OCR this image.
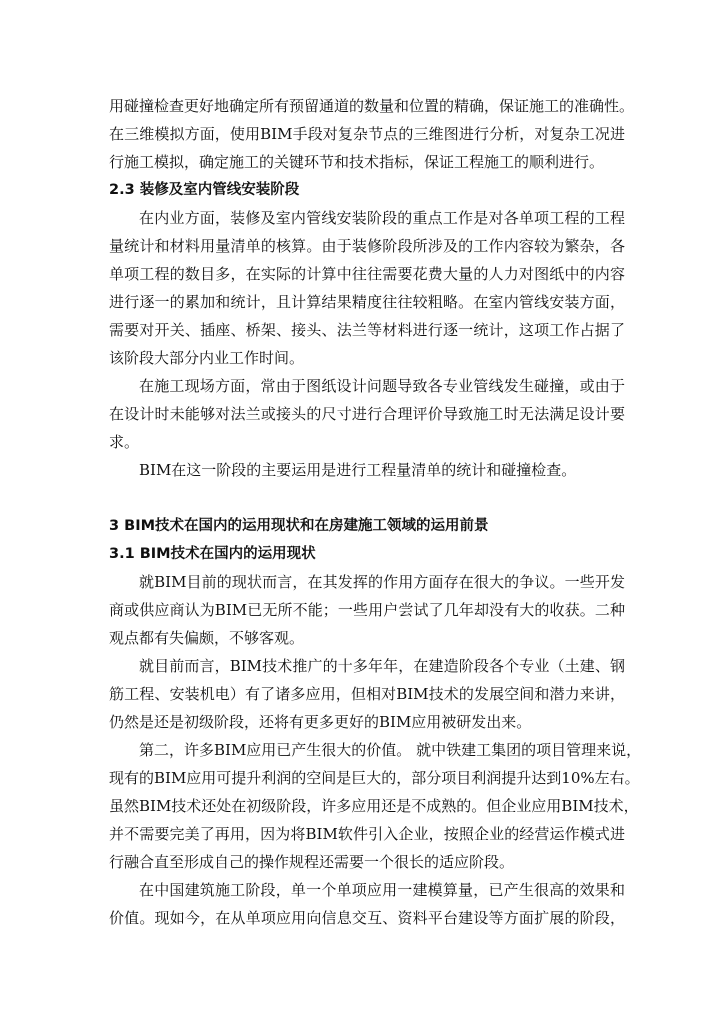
用碰撞检查更好地确定所有预留通道的数量和位置的精确，保证施工的准确性。
在三维模拟方面，使用BIM手段对复杂节点的三维图进行分析，对复杂工况进
行施工模拟，确定施工的关键环节和技术指标，保证工程施工的顺利进行。
2.3 装修及室内管线安装阶段
在内业方面，装修及室内管线安装阶段的重点工作是对各单项工程的工程
量统计和材料用量清单的核算。由于装修阶段所涉及的工作内容较为繁杂，各
单项工程的数目多，在实际的计算中往往需要花费大量的人力对图纸中的内容
进行逐一的累加和统计，且计算结果精度往往较粗略。在室内管线安装方面，
需要对开关、插座、桥架、接头、法兰等材料进行逐一统计，这项工作占据了
该阶段大部分内业工作时间。
在施工现场方面，常由于图纸设计问题导致各专业管线发生碰撞，或由于
在设计时未能够对法兰或接头的尺寸进行合理评价导致施工时无法满足设计要
求。
BIM在这一阶段的主要运用是进行工程量清单的统计和碰撞检查。
3 BIM技术在国内的运用现状和在房建施工领域的运用前景
3.1 BIM技术在国内的运用现状
就BIM目前的现状而言，在其发挥的作用方面存在很大的争议。一些开发
商或供应商认为BIM已无所不能；一些用户尝试了几年却没有大的收获。二种
观点都有失偏颇，不够客观。
就目前而言，BIM技术推广的十多年年，在建造阶段各个专业（土建、钢
筋工程、安装机电）有了诸多应用，但相对BIM技术的发展空间和潜力来讲，
仍然是还是初级阶段，还将有更多更好的BIM应用被研发出来。
第二，许多BIM应用已产生很大的价值。 就中铁建工集团的项目管理来说，
现有的BIM应用可提升利润的空间是巨大的，部分项目利润提升达到10%左右。
虽然BIM技术还处在初级阶段，许多应用还是不成熟的。但企业应用BIM技术，
并不需要完美了再用，因为将BIM软件引入企业，按照企业的经营运作模式进
行融合直至形成自己的操作规程还需要一个很长的适应阶段。
在中国建筑施工阶段，单一个单项应用一建模算量，已产生很高的效果和
价值。现如今，在从单项应用向信息交互、资料平台建设等方面扩展的阶段，
